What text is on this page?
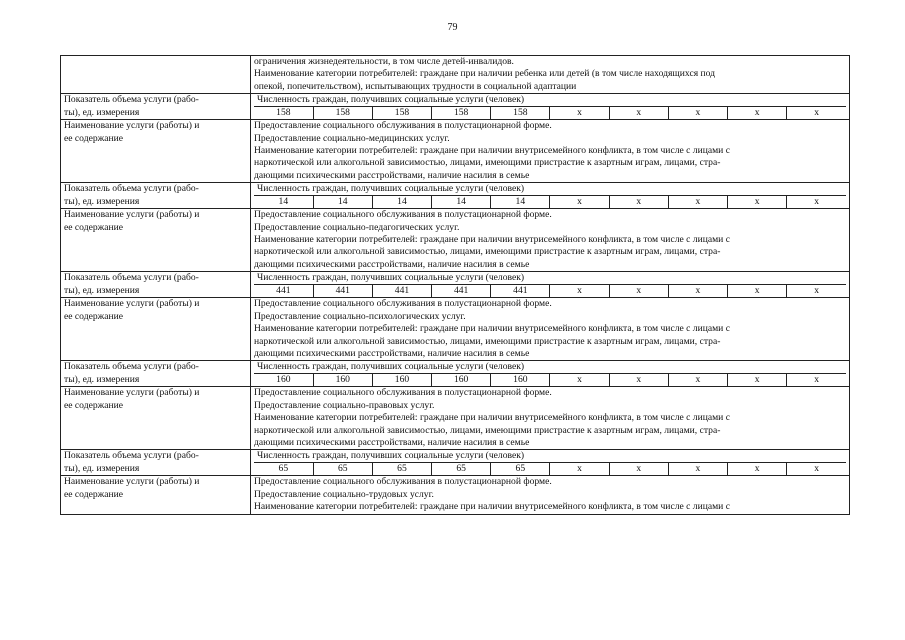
79

ограничения жизнедеятельности, в том числе детей-инвалидов.
Наименование категории потребителей: граждане при наличии ребенка или детей (в том числе находящихся под
опекой, попечительством), испытывающих трудности в социальной адаптации

Показатель объема услуги (рабо-
ты), ед. измерения

Численность граждан, получивших социальные услуги (человек)
158	158	158	158	158	x	x	x	x	x

Наименование услуги (работы) и
ее содержание

Предоставление социального обслуживания в полустационарной форме.
Предоставление социально-медицинских услуг.
Наименование категории потребителей: граждане при наличии внутрисемейного конфликта, в том числе с лицами с
наркотической или алкогольной зависимостью, лицами, имеющими пристрастие к азартным играм, лицами, стра-
дающими психическими расстройствами, наличие насилия в семье

Показатель объема услуги (рабо-
ты), ед. измерения

Численность граждан, получивших социальные услуги (человек)
14	14	14	14	14	x	x	x	x	x

Наименование услуги (работы) и
ее содержание

Предоставление социального обслуживания в полустационарной форме.
Предоставление социально-педагогических услуг.
Наименование категории потребителей: граждане при наличии внутрисемейного конфликта, в том числе с лицами с
наркотической или алкогольной зависимостью, лицами, имеющими пристрастие к азартным играм, лицами, стра-
дающими психическими расстройствами, наличие насилия в семье

Показатель объема услуги (рабо-
ты), ед. измерения

Численность граждан, получивших социальные услуги (человек)
441	441	441	441	441	x	x	x	x	x

Наименование услуги (работы) и
ее содержание

Предоставление социального обслуживания в полустационарной форме.
Предоставление социально-психологических услуг.
Наименование категории потребителей: граждане при наличии внутрисемейного конфликта, в том числе с лицами с
наркотической или алкогольной зависимостью, лицами, имеющими пристрастие к азартным играм, лицами, стра-
дающими психическими расстройствами, наличие насилия в семье

Показатель объема услуги (рабо-
ты), ед. измерения

Численность граждан, получивших социальные услуги (человек)
160	160	160	160	160	x	x	x	x	x

Наименование услуги (работы) и
ее содержание

Предоставление социального обслуживания в полустационарной форме.
Предоставление социально-правовых услуг.
Наименование категории потребителей: граждане при наличии внутрисемейного конфликта, в том числе с лицами с
наркотической или алкогольной зависимостью, лицами, имеющими пристрастие к азартным играм, лицами, стра-
дающими психическими расстройствами, наличие насилия в семье

Показатель объема услуги (рабо-
ты), ед. измерения

Численность граждан, получивших социальные услуги (человек)
65	65	65	65	65	x	x	x	x	x

Наименование услуги (работы) и
ее содержание

Предоставление социального обслуживания в полустационарной форме.
Предоставление социально-трудовых услуг.
Наименование категории потребителей: граждане при наличии внутрисемейного конфликта, в том числе с лицами с
